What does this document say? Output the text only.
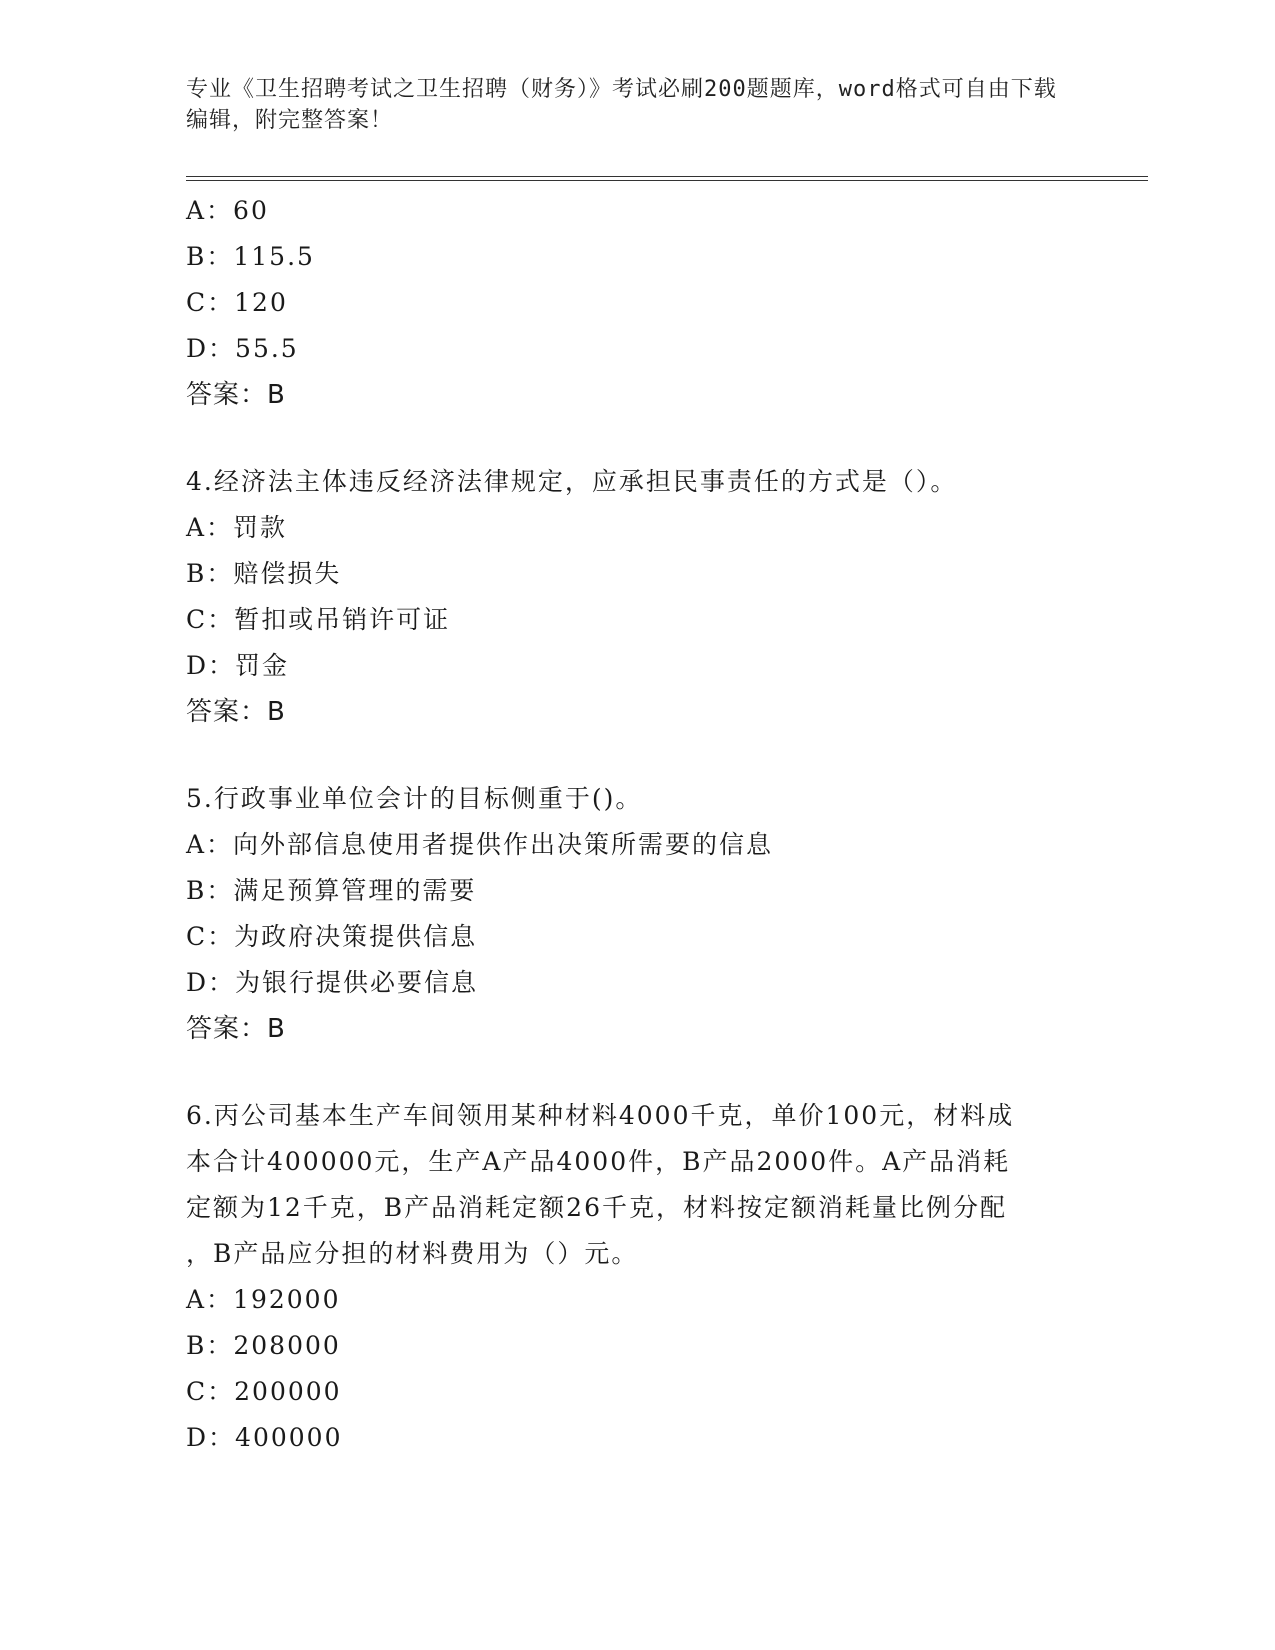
专业《卫生招聘考试之卫生招聘（财务）》考试必刷200题题库，word格式可自由下载编辑，附完整答案！
A：60
B：115.5
C：120
D：55.5
答案：B
4.经济法主体违反经济法律规定，应承担民事责任的方式是（）。
A：罚款
B：赔偿损失
C：暂扣或吊销许可证
D：罚金
答案：B
5.行政事业单位会计的目标侧重于()。
A：向外部信息使用者提供作出决策所需要的信息
B：满足预算管理的需要
C：为政府决策提供信息
D：为银行提供必要信息
答案：B
6.丙公司基本生产车间领用某种材料4000千克，单价100元，材料成
本合计400000元，生产A产品4000件，B产品2000件。A产品消耗
定额为12千克，B产品消耗定额26千克，材料按定额消耗量比例分配
，B产品应分担的材料费用为（）元。
A：192000
B：208000
C：200000
D：400000
